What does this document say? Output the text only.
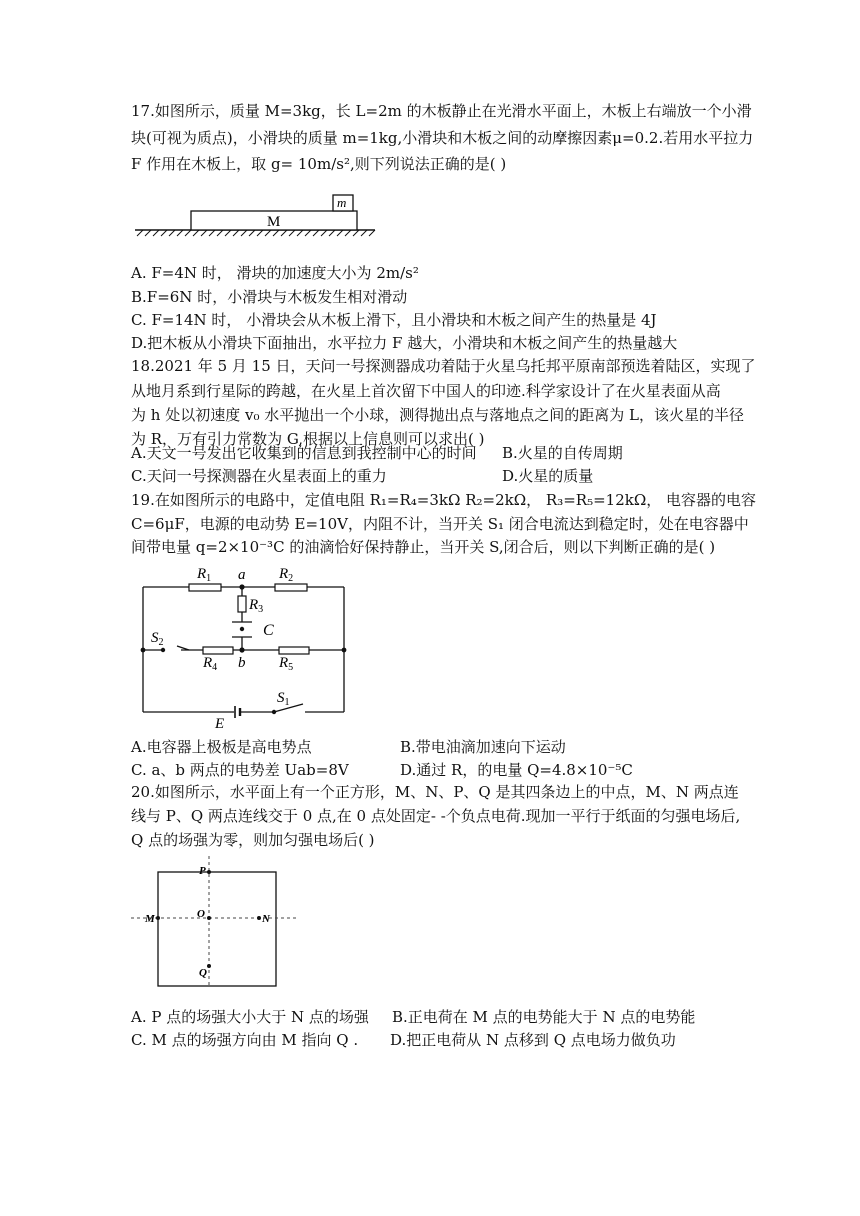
17.如图所示，质量 M=3kg，长 L=2m 的木板静止在光滑水平面上，木板上右端放一个小滑
块(可视为质点)，小滑块的质量 m=1kg,小滑块和木板之间的动摩擦因素μ=0.2.若用水平拉力
F 作用在木板上，取 g= 10m/s²,则下列说法正确的是( )
M
m
A. F=4N 时， 滑块的加速度大小为 2m/s²
B.F=6N 时，小滑块与木板发生相对滑动
C. F=14N 时， 小滑块会从木板上滑下，且小滑块和木板之间产生的热量是 4J
D.把木板从小滑块下面抽出，水平拉力 F 越大，小滑块和木板之间产生的热量越大
18.2021 年 5 月 15 日，天问一号探测器成功着陆于火星乌托邦平原南部预选着陆区，实现了
从地月系到行星际的跨越，在火星上首次留下中国人的印迹.科学家设计了在火星表面从高
为 h 处以初速度 v₀ 水平抛出一个小球，测得抛出点与落地点之间的距离为 L，该火星的半径
为 R，万有引力常数为 G,根据以上信息则可以求出( )
A.天文一号发出它收集到的信息到我控制中心的时间 B.火星的自传周期
C.天问一号探测器在火星表面上的重力	D.火星的质量
19.在如图所示的电路中，定值电阻 R₁=R₄=3kΩ R₂=2kΩ， R₃=R₅=12kΩ， 电容器的电容
C=6μF，电源的电动势 E=10V，内阻不计，当开关 S₁ 闭合电流达到稳定时，处在电容器中
间带电量 q=2×10⁻³C 的油滴恰好保持静止，当开关 S,闭合后，则以下判断正确的是( )
$R_1$ a $R_2$
$R_3$
C
$S_2$
$R_4$ b $R_5$
$S_1$
E
A.电容器上极板是高电势点	B.带电油滴加速向下运动
C. a、b 两点的电势差 Uab=8V	D.通过 R，的电量 Q=4.8×10⁻⁵C
20.如图所示，水平面上有一个正方形，M、N、P、Q 是其四条边上的中点，M、N 两点连
线与 P、Q 两点连线交于 0 点,在 0 点处固定- -个负点电荷.现加一平行于纸面的匀强电场后,
Q 点的场强为零，则加匀强电场后( )
P
M	O	N
Q
A. P 点的场强大小大于 N 点的场强 B.正电荷在 M 点的电势能大于 N 点的电势能
C. M 点的场强方向由 M 指向 Q . D.把正电荷从 N 点移到 Q 点电场力做负功
